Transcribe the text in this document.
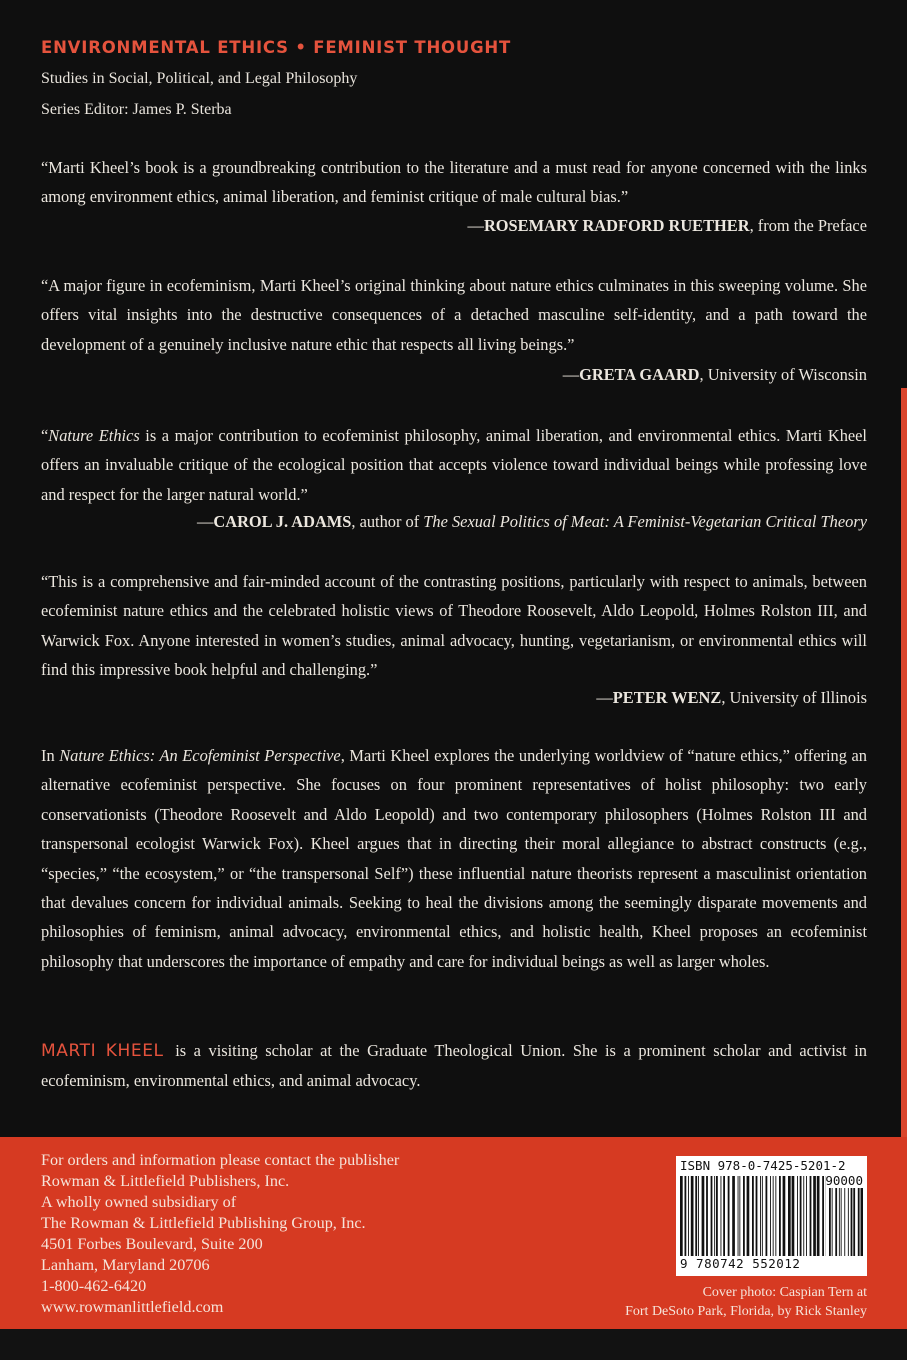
ENVIRONMENTAL ETHICS • FEMINIST THOUGHT
Studies in Social, Political, and Legal Philosophy
Series Editor: James P. Sterba
“Marti Kheel’s book is a groundbreaking contribution to the literature and a must read for anyone concerned with the links among environment ethics, animal liberation, and feminist critique of male cultural bias.”
—ROSEMARY RADFORD RUETHER, from the Preface
“A major figure in ecofeminism, Marti Kheel’s original thinking about nature ethics culminates in this sweeping volume. She offers vital insights into the destructive consequences of a detached masculine self-identity, and a path toward the development of a genuinely inclusive nature ethic that respects all living beings.”
—GRETA GAARD, University of Wisconsin
“Nature Ethics is a major contribution to ecofeminist philosophy, animal liberation, and environmental ethics. Marti Kheel offers an invaluable critique of the ecological position that accepts violence toward individual beings while professing love and respect for the larger natural world.”
—CAROL J. ADAMS, author of The Sexual Politics of Meat: A Feminist-Vegetarian Critical Theory
“This is a comprehensive and fair-minded account of the contrasting positions, particularly with respect to animals, between ecofeminist nature ethics and the celebrated holistic views of Theodore Roosevelt, Aldo Leopold, Holmes Rolston III, and Warwick Fox. Anyone interested in women’s studies, animal advocacy, hunting, vegetarianism, or environmental ethics will find this impressive book helpful and challenging.”
—PETER WENZ, University of Illinois
In Nature Ethics: An Ecofeminist Perspective, Marti Kheel explores the underlying worldview of “nature ethics,” offering an alternative ecofeminist perspective. She focuses on four prominent representatives of holist philosophy: two early conservationists (Theodore Roosevelt and Aldo Leopold) and two contemporary philosophers (Holmes Rolston III and transpersonal ecologist Warwick Fox). Kheel argues that in directing their moral allegiance to abstract constructs (e.g., “species,” “the ecosystem,” or “the transpersonal Self”) these influential nature theorists represent a masculinist orientation that devalues concern for individual animals. Seeking to heal the divisions among the seemingly disparate movements and philosophies of feminism, animal advocacy, environmental ethics, and holistic health, Kheel proposes an ecofeminist philosophy that underscores the importance of empathy and care for individual beings as well as larger wholes.
MARTI KHEEL is a visiting scholar at the Graduate Theological Union. She is a prominent scholar and activist in ecofeminism, environmental ethics, and animal advocacy.
For orders and information please contact the publisher
Rowman & Littlefield Publishers, Inc.
A wholly owned subsidiary of
The Rowman & Littlefield Publishing Group, Inc.
4501 Forbes Boulevard, Suite 200
Lanham, Maryland 20706
1-800-462-6420
www.rowmanlittlefield.com
ISBN 978-0-7425-5201-2
90000
9 780742 552012
Cover photo: Caspian Tern at
Fort DeSoto Park, Florida, by Rick Stanley
